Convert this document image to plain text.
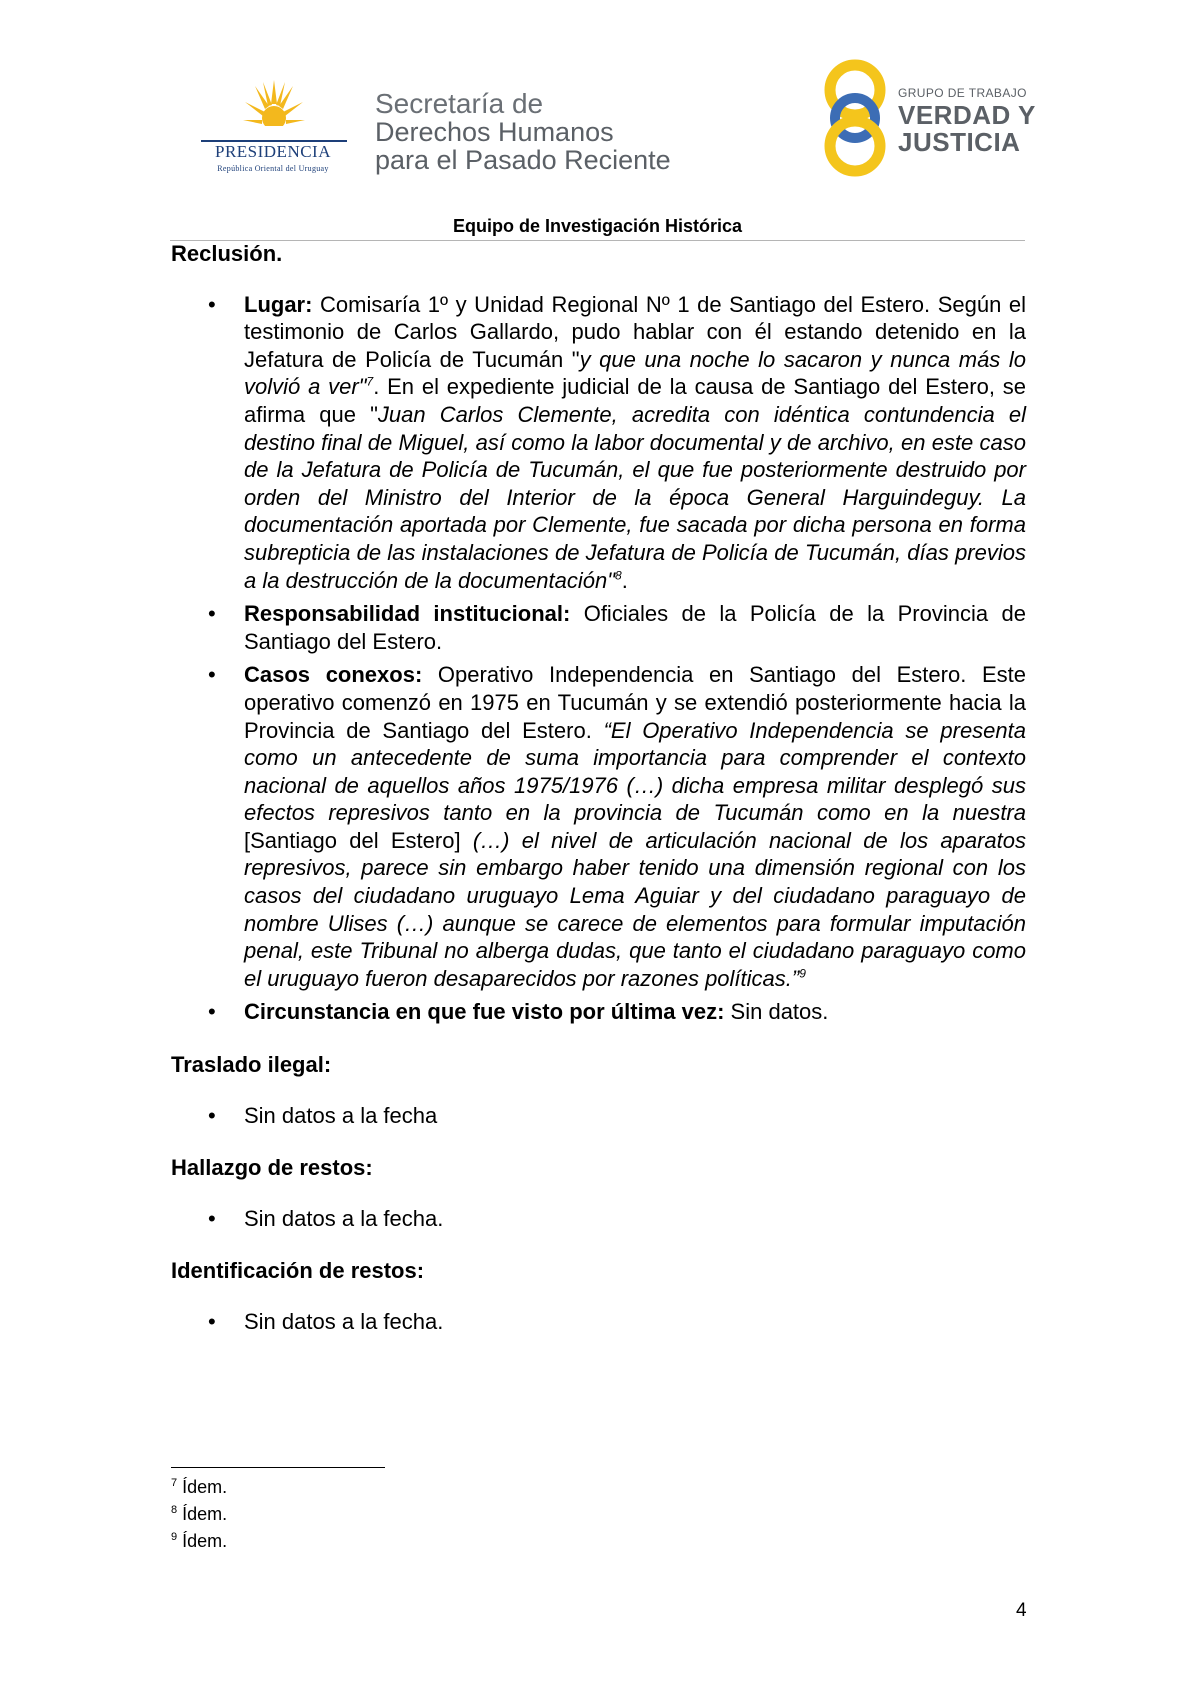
PRESIDENCIA
República Oriental del Uruguay
Secretaría de
Derechos Humanos
para el Pasado Reciente
GRUPO DE TRABAJO
VERDAD Y
JUSTICIA
Equipo de Investigación Histórica

Reclusión.

• Lugar: Comisaría 1º y Unidad Regional Nº 1 de Santiago del Estero. Según el testimonio de Carlos Gallardo, pudo hablar con él estando detenido en la Jefatura de Policía de Tucumán "y que una noche lo sacaron y nunca más lo volvió a ver"$^7$. En el expediente judicial de la causa de Santiago del Estero, se afirma que "Juan Carlos Clemente, acredita con idéntica contundencia el destino final de Miguel, así como la labor documental y de archivo, en este caso de la Jefatura de Policía de Tucumán, el que fue posteriormente destruido por orden del Ministro del Interior de la época General Harguindeguy. La documentación aportada por Clemente, fue sacada por dicha persona en forma subrepticia de las instalaciones de Jefatura de Policía de Tucumán, días previos a la destrucción de la documentación"$^8$.
• Responsabilidad institucional: Oficiales de la Policía de la Provincia de Santiago del Estero.
• Casos conexos: Operativo Independencia en Santiago del Estero. Este operativo comenzó en 1975 en Tucumán y se extendió posteriormente hacia la Provincia de Santiago del Estero. “El Operativo Independencia se presenta como un antecedente de suma importancia para comprender el contexto nacional de aquellos años 1975/1976 (…) dicha empresa militar desplegó sus efectos represivos tanto en la provincia de Tucumán como en la nuestra [Santiago del Estero] (…) el nivel de articulación nacional de los aparatos represivos, parece sin embargo haber tenido una dimensión regional con los casos del ciudadano uruguayo Lema Aguiar y del ciudadano paraguayo de nombre Ulises (…) aunque se carece de elementos para formular imputación penal, este Tribunal no alberga dudas, que tanto el ciudadano paraguayo como el uruguayo fueron desaparecidos por razones políticas.”$^9$
• Circunstancia en que fue visto por última vez: Sin datos.

Traslado ilegal:

• Sin datos a la fecha

Hallazgo de restos:

• Sin datos a la fecha.

Identificación de restos:

• Sin datos a la fecha.
$^7$ Ídem.
$^8$ Ídem.
$^9$ Ídem.
4
